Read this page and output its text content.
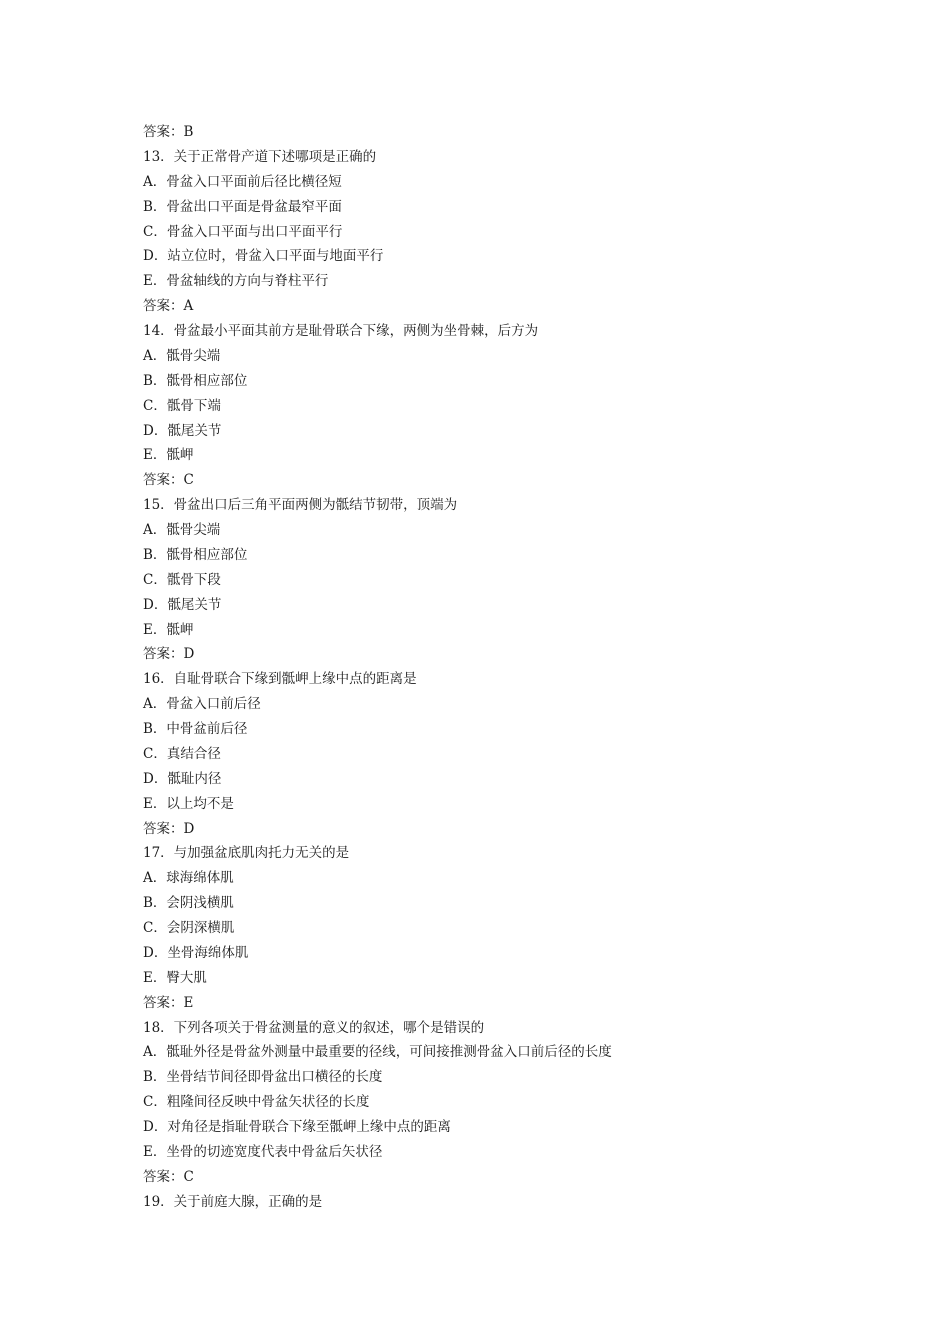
答案：B
13．关于正常骨产道下述哪项是正确的
A．骨盆入口平面前后径比横径短
B．骨盆出口平面是骨盆最窄平面
C．骨盆入口平面与出口平面平行
D．站立位时，骨盆入口平面与地面平行
E．骨盆轴线的方向与脊柱平行
答案：A
14．骨盆最小平面其前方是耻骨联合下缘，两侧为坐骨棘，后方为
A．骶骨尖端
B．骶骨相应部位
C．骶骨下端
D．骶尾关节
E．骶岬
答案：C
15．骨盆出口后三角平面两侧为骶结节韧带，顶端为
A．骶骨尖端
B．骶骨相应部位
C．骶骨下段
D．骶尾关节
E．骶岬
答案：D
16．自耻骨联合下缘到骶岬上缘中点的距离是
A．骨盆入口前后径
B．中骨盆前后径
C．真结合径
D．骶耻内径
E．以上均不是
答案：D
17．与加强盆底肌肉托力无关的是
A．球海绵体肌
B．会阴浅横肌
C．会阴深横肌
D．坐骨海绵体肌
E．臀大肌
答案：E
18．下列各项关于骨盆测量的意义的叙述，哪个是错误的
A．骶耻外径是骨盆外测量中最重要的径线，可间接推测骨盆入口前后径的长度
B．坐骨结节间径即骨盆出口横径的长度
C．粗隆间径反映中骨盆矢状径的长度
D．对角径是指耻骨联合下缘至骶岬上缘中点的距离
E．坐骨的切迹宽度代表中骨盆后矢状径
答案：C
19．关于前庭大腺，正确的是
